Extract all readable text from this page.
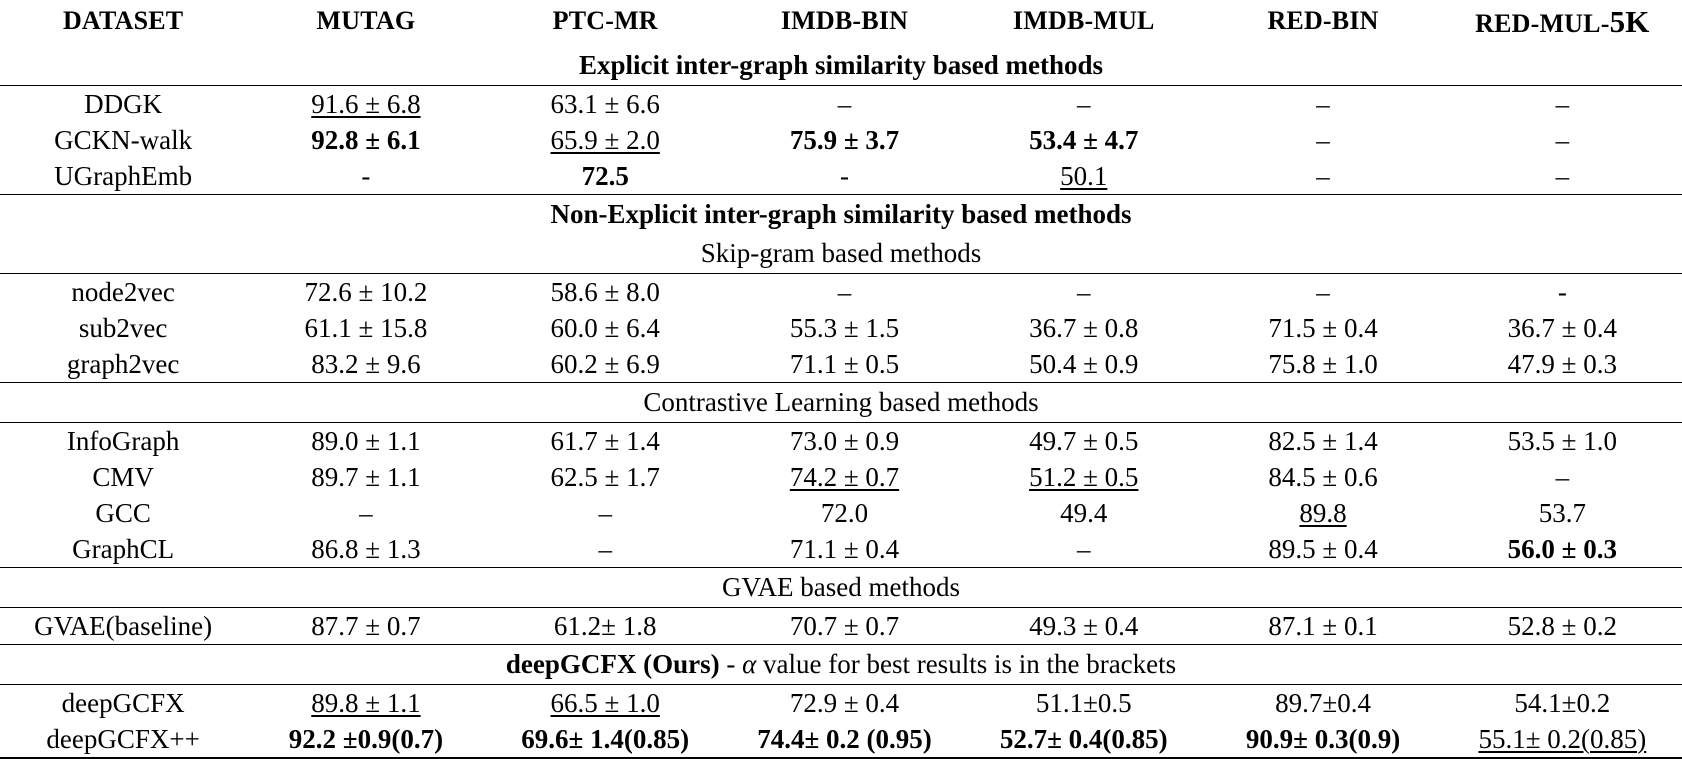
DATASET	MUTAG	PTC-MR	IMDB-BIN	IMDB-MUL	RED-BIN	RED-MUL-5K
Explicit inter-graph similarity based methods						
DDGK	91.6 ± 6.8	63.1 ± 6.6	–	–	–	–
GCKN-walk	92.8 ± 6.1	65.9 ± 2.0	75.9 ± 3.7	53.4 ± 4.7	–	–
UGraphEmb	-	72.5	-	50.1	–	–
Non-Explicit inter-graph similarity based methods						
Skip-gram based methods						
node2vec	72.6 ± 10.2	58.6 ± 8.0	–	–	–	-
sub2vec	61.1 ± 15.8	60.0 ± 6.4	55.3 ± 1.5	36.7 ± 0.8	71.5 ± 0.4	36.7 ± 0.4
graph2vec	83.2 ± 9.6	60.2 ± 6.9	71.1 ± 0.5	50.4 ± 0.9	75.8 ± 1.0	47.9 ± 0.3
Contrastive Learning based methods						
InfoGraph	89.0 ± 1.1	61.7 ± 1.4	73.0 ± 0.9	49.7 ± 0.5	82.5 ± 1.4	53.5 ± 1.0
CMV	89.7 ± 1.1	62.5 ± 1.7	74.2 ± 0.7	51.2 ± 0.5	84.5 ± 0.6	–
GCC	–	–	72.0	49.4	89.8	53.7
GraphCL	86.8 ± 1.3	–	71.1 ± 0.4	–	89.5 ± 0.4	56.0 ± 0.3
GVAE based methods						
GVAE(baseline)	87.7 ± 0.7	61.2± 1.8	70.7 ± 0.7	49.3 ± 0.4	87.1 ± 0.1	52.8 ± 0.2
deepGCFX (Ours) - α value for best results is in the brackets						
deepGCFX	89.8 ± 1.1	66.5 ± 1.0	72.9 ± 0.4	51.1±0.5	89.7±0.4	54.1±0.2
deepGCFX++	92.2 ±0.9(0.7)	69.6± 1.4(0.85)	74.4± 0.2 (0.95)	52.7± 0.4(0.85)	90.9± 0.3(0.9)	55.1± 0.2(0.85)
